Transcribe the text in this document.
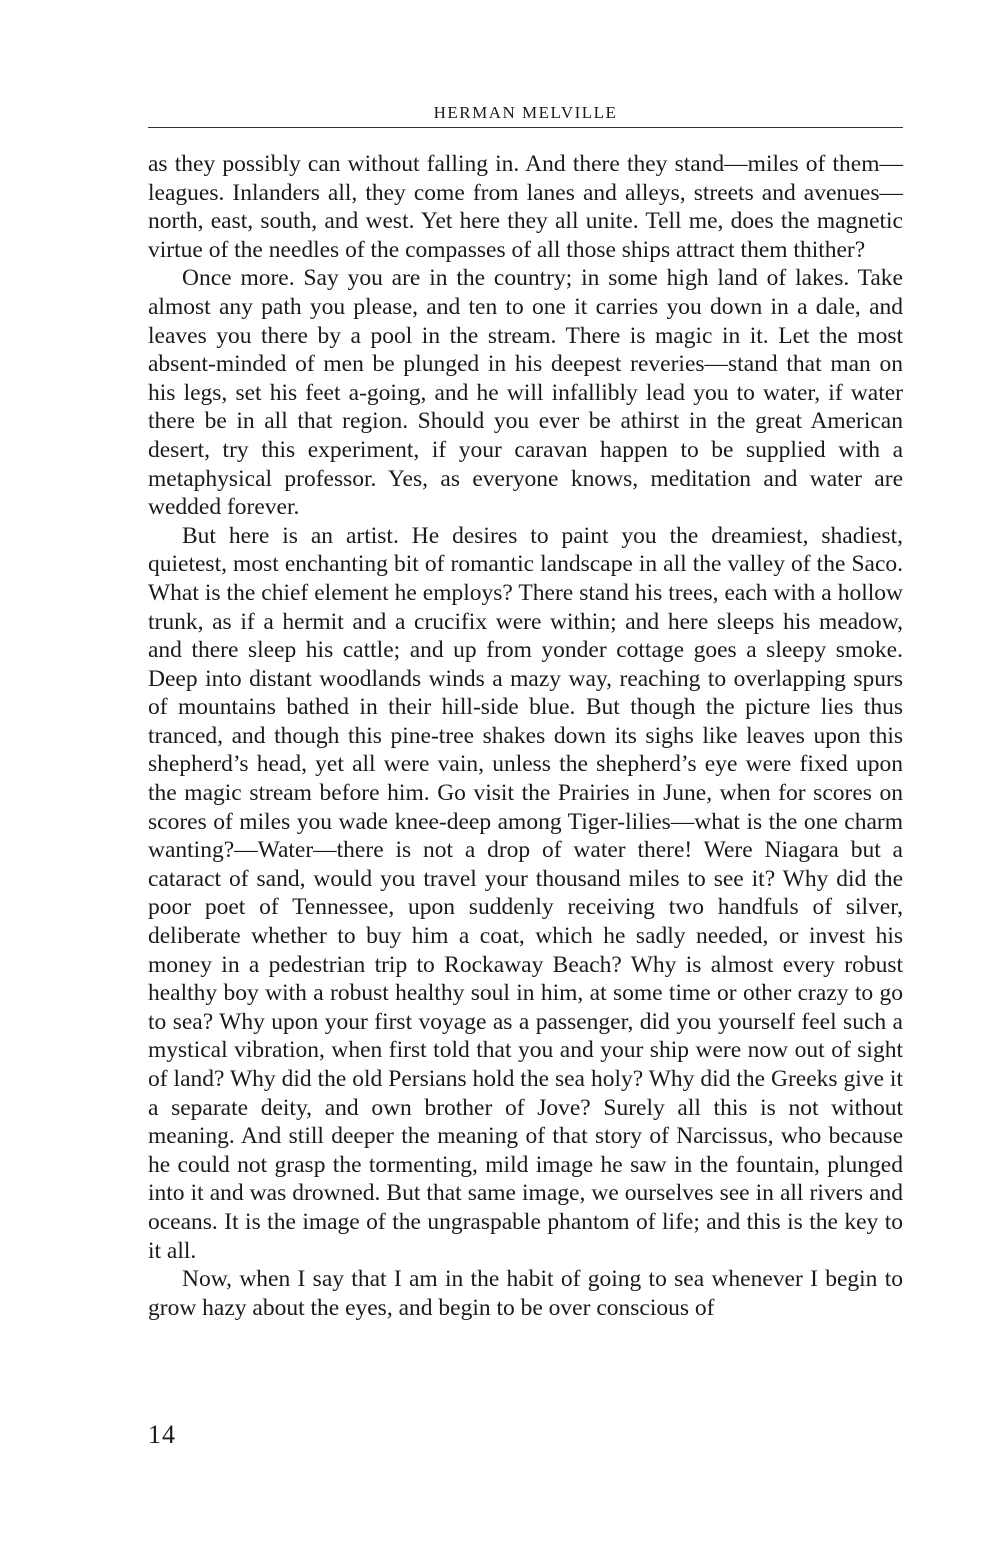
HERMAN MELVILLE

as they possibly can without falling in. And there they stand—miles of them—leagues. Inlanders all, they come from lanes and alleys, streets and avenues—north, east, south, and west. Yet here they all unite. Tell me, does the magnetic virtue of the needles of the compasses of all those ships attract them thither?

Once more. Say you are in the country; in some high land of lakes. Take almost any path you please, and ten to one it carries you down in a dale, and leaves you there by a pool in the stream. There is magic in it. Let the most absent-minded of men be plunged in his deepest reveries—stand that man on his legs, set his feet a-going, and he will infallibly lead you to water, if water there be in all that region. Should you ever be athirst in the great American desert, try this experiment, if your caravan happen to be supplied with a metaphysical professor. Yes, as everyone knows, meditation and water are wedded forever.

But here is an artist. He desires to paint you the dreamiest, shadiest, quietest, most enchanting bit of romantic landscape in all the valley of the Saco. What is the chief element he employs? There stand his trees, each with a hollow trunk, as if a hermit and a crucifix were within; and here sleeps his meadow, and there sleep his cattle; and up from yonder cottage goes a sleepy smoke. Deep into distant woodlands winds a mazy way, reaching to overlapping spurs of mountains bathed in their hill-side blue. But though the picture lies thus tranced, and though this pine-tree shakes down its sighs like leaves upon this shepherd’s head, yet all were vain, unless the shepherd’s eye were fixed upon the magic stream before him. Go visit the Prairies in June, when for scores on scores of miles you wade knee-deep among Tiger-lilies—what is the one charm wanting?—Water—there is not a drop of water there! Were Niagara but a cataract of sand, would you travel your thousand miles to see it? Why did the poor poet of Tennessee, upon suddenly receiving two handfuls of silver, deliberate whether to buy him a coat, which he sadly needed, or invest his money in a pedestrian trip to Rockaway Beach? Why is almost every robust healthy boy with a robust healthy soul in him, at some time or other crazy to go to sea? Why upon your first voyage as a passenger, did you yourself feel such a mystical vibration, when first told that you and your ship were now out of sight of land? Why did the old Persians hold the sea holy? Why did the Greeks give it a separate deity, and own brother of Jove? Surely all this is not without meaning. And still deeper the meaning of that story of Narcissus, who because he could not grasp the tormenting, mild image he saw in the fountain, plunged into it and was drowned. But that same image, we ourselves see in all rivers and oceans. It is the image of the ungraspable phantom of life; and this is the key to it all.

Now, when I say that I am in the habit of going to sea whenever I begin to grow hazy about the eyes, and begin to be over conscious of

14
